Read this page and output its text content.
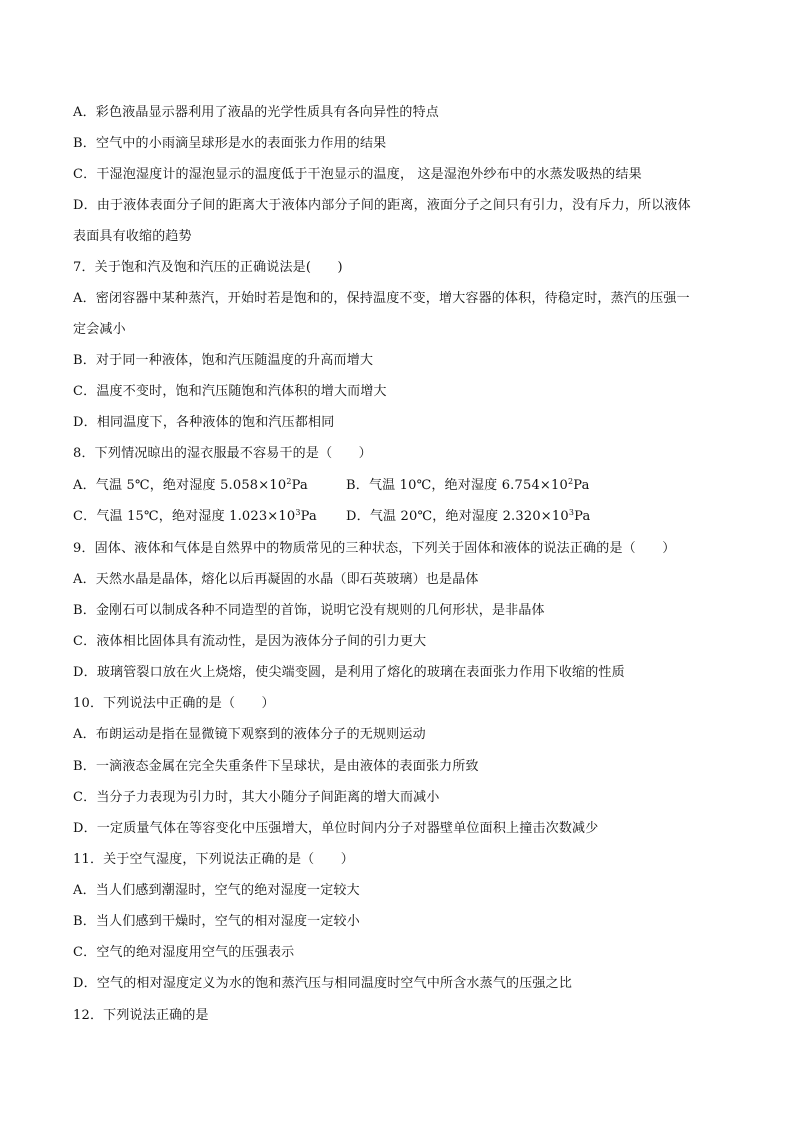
A．彩色液晶显示器利用了液晶的光学性质具有各向异性的特点
B．空气中的小雨滴呈球形是水的表面张力作用的结果
C．干湿泡湿度计的湿泡显示的温度低于干泡显示的温度， 这是湿泡外纱布中的水蒸发吸热的结果
D．由于液体表面分子间的距离大于液体内部分子间的距离，液面分子之间只有引力，没有斥力，所以液体
表面具有收缩的趋势
7．关于饱和汽及饱和汽压的正确说法是(　　)
A．密闭容器中某种蒸汽，开始时若是饱和的，保持温度不变，增大容器的体积，待稳定时，蒸汽的压强一
定会减小
B．对于同一种液体，饱和汽压随温度的升高而增大
C．温度不变时，饱和汽压随饱和汽体积的增大而增大
D．相同温度下，各种液体的饱和汽压都相同
8．下列情况晾出的湿衣服最不容易干的是（　　）
A．气温 5℃，绝对湿度 $5.058\times 10^2Pa$	B．气温 10℃，绝对湿度 $6.754\times 10^2Pa$
C．气温 15℃，绝对湿度 $1.023\times 10^3Pa$	D．气温 20℃，绝对湿度 $2.320\times 10^3Pa$
9．固体、液体和气体是自然界中的物质常见的三种状态，下列关于固体和液体的说法正确的是（　　）
A．天然水晶是晶体，熔化以后再凝固的水晶（即石英玻璃）也是晶体
B．金刚石可以制成各种不同造型的首饰，说明它没有规则的几何形状，是非晶体
C．液体相比固体具有流动性，是因为液体分子间的引力更大
D．玻璃管裂口放在火上烧熔，使尖端变圆，是利用了熔化的玻璃在表面张力作用下收缩的性质
10．下列说法中正确的是（　　）
A．布朗运动是指在显微镜下观察到的液体分子的无规则运动
B．一滴液态金属在完全失重条件下呈球状，是由液体的表面张力所致
C．当分子力表现为引力时，其大小随分子间距离的增大而减小
D．一定质量气体在等容变化中压强增大，单位时间内分子对器壁单位面积上撞击次数减少
11．关于空气湿度，下列说法正确的是（　　）
A．当人们感到潮湿时，空气的绝对湿度一定较大
B．当人们感到干燥时，空气的相对湿度一定较小
C．空气的绝对湿度用空气的压强表示
D．空气的相对湿度定义为水的饱和蒸汽压与相同温度时空气中所含水蒸气的压强之比
12．下列说法正确的是
